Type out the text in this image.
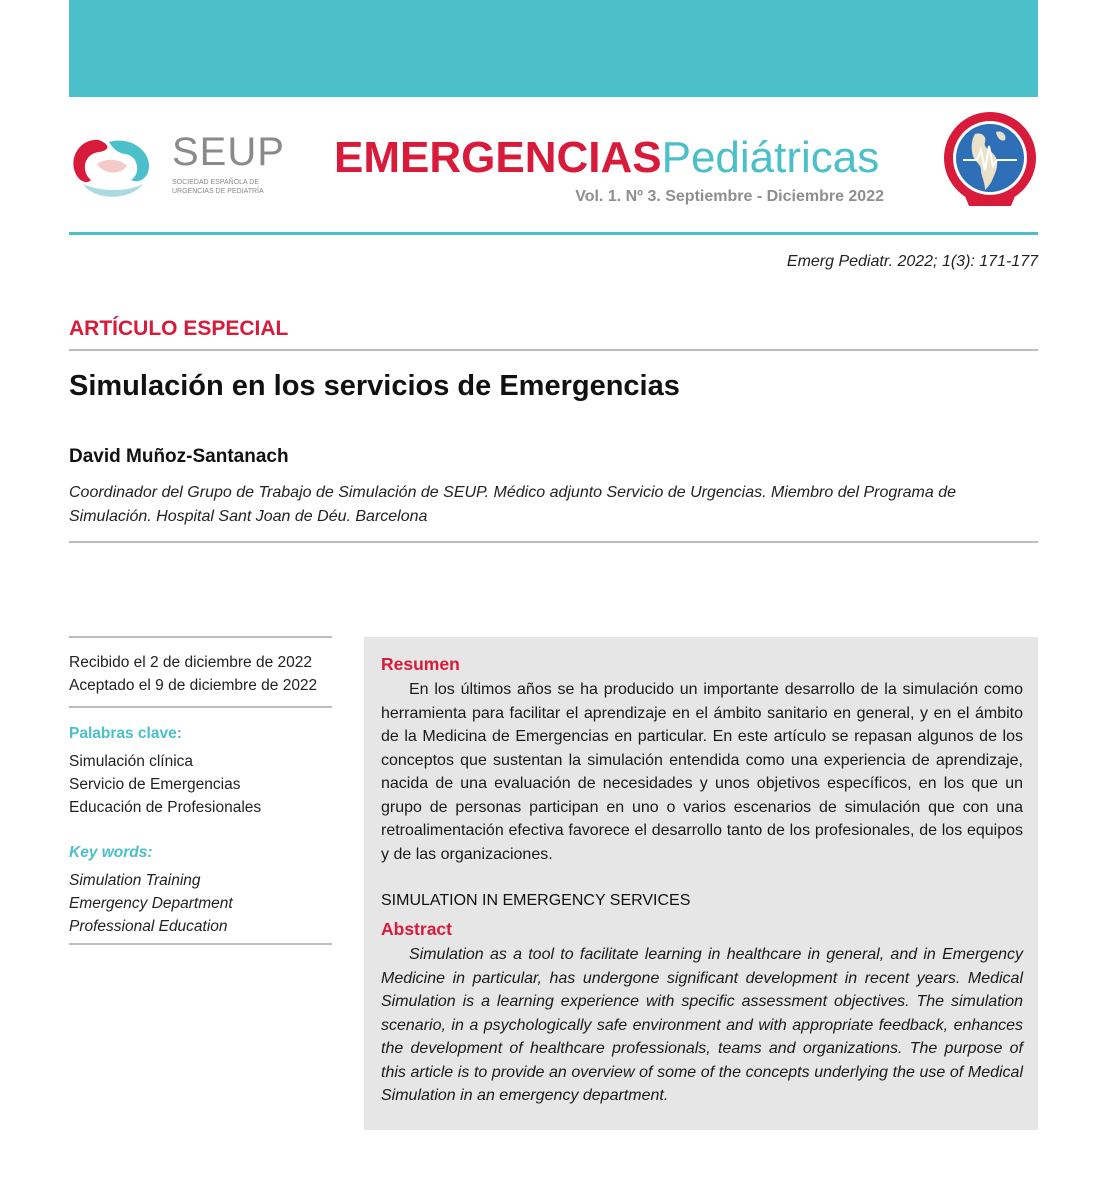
SEUP
SOCIEDAD ESPAÑOLA DE
URGENCIAS DE PEDIATRÍA
EMERGENCIASPediátricas
Vol. 1. Nº 3. Septiembre - Diciembre 2022
Emerg Pediatr. 2022; 1(3): 171-177
ARTÍCULO ESPECIAL
Simulación en los servicios de Emergencias
David Muñoz-Santanach
Coordinador del Grupo de Trabajo de Simulación de SEUP. Médico adjunto Servicio de Urgencias. Miembro del Programa de Simulación. Hospital Sant Joan de Déu. Barcelona
Recibido el 2 de diciembre de 2022
Aceptado el 9 de diciembre de 2022
Palabras clave:
Simulación clínica
Servicio de Emergencias
Educación de Profesionales
Key words:
Simulation Training
Emergency Department
Professional Education
Resumen

En los últimos años se ha producido un importante desarrollo de la simulación como herramienta para facilitar el aprendizaje en el ámbito sanitario en general, y en el ámbito de la Medicina de Emergencias en particular. En este artículo se repasan algunos de los conceptos que sustentan la simulación entendida como una experiencia de aprendizaje, nacida de una evaluación de necesidades y unos objetivos específicos, en los que un grupo de personas participan en uno o varios escenarios de simulación que con una retroalimentación efectiva favorece el desarrollo tanto de los profesionales, de los equipos y de las organizaciones.

SIMULATION IN EMERGENCY SERVICES
Abstract

Simulation as a tool to facilitate learning in healthcare in general, and in Emergency Medicine in particular, has undergone significant development in recent years. Medical Simulation is a learning experience with specific assessment objectives. The simulation scenario, in a psychologically safe environment and with appropriate feedback, enhances the development of healthcare professionals, teams and organizations. The purpose of this article is to provide an overview of some of the concepts underlying the use of Medical Simulation in an emergency department.
